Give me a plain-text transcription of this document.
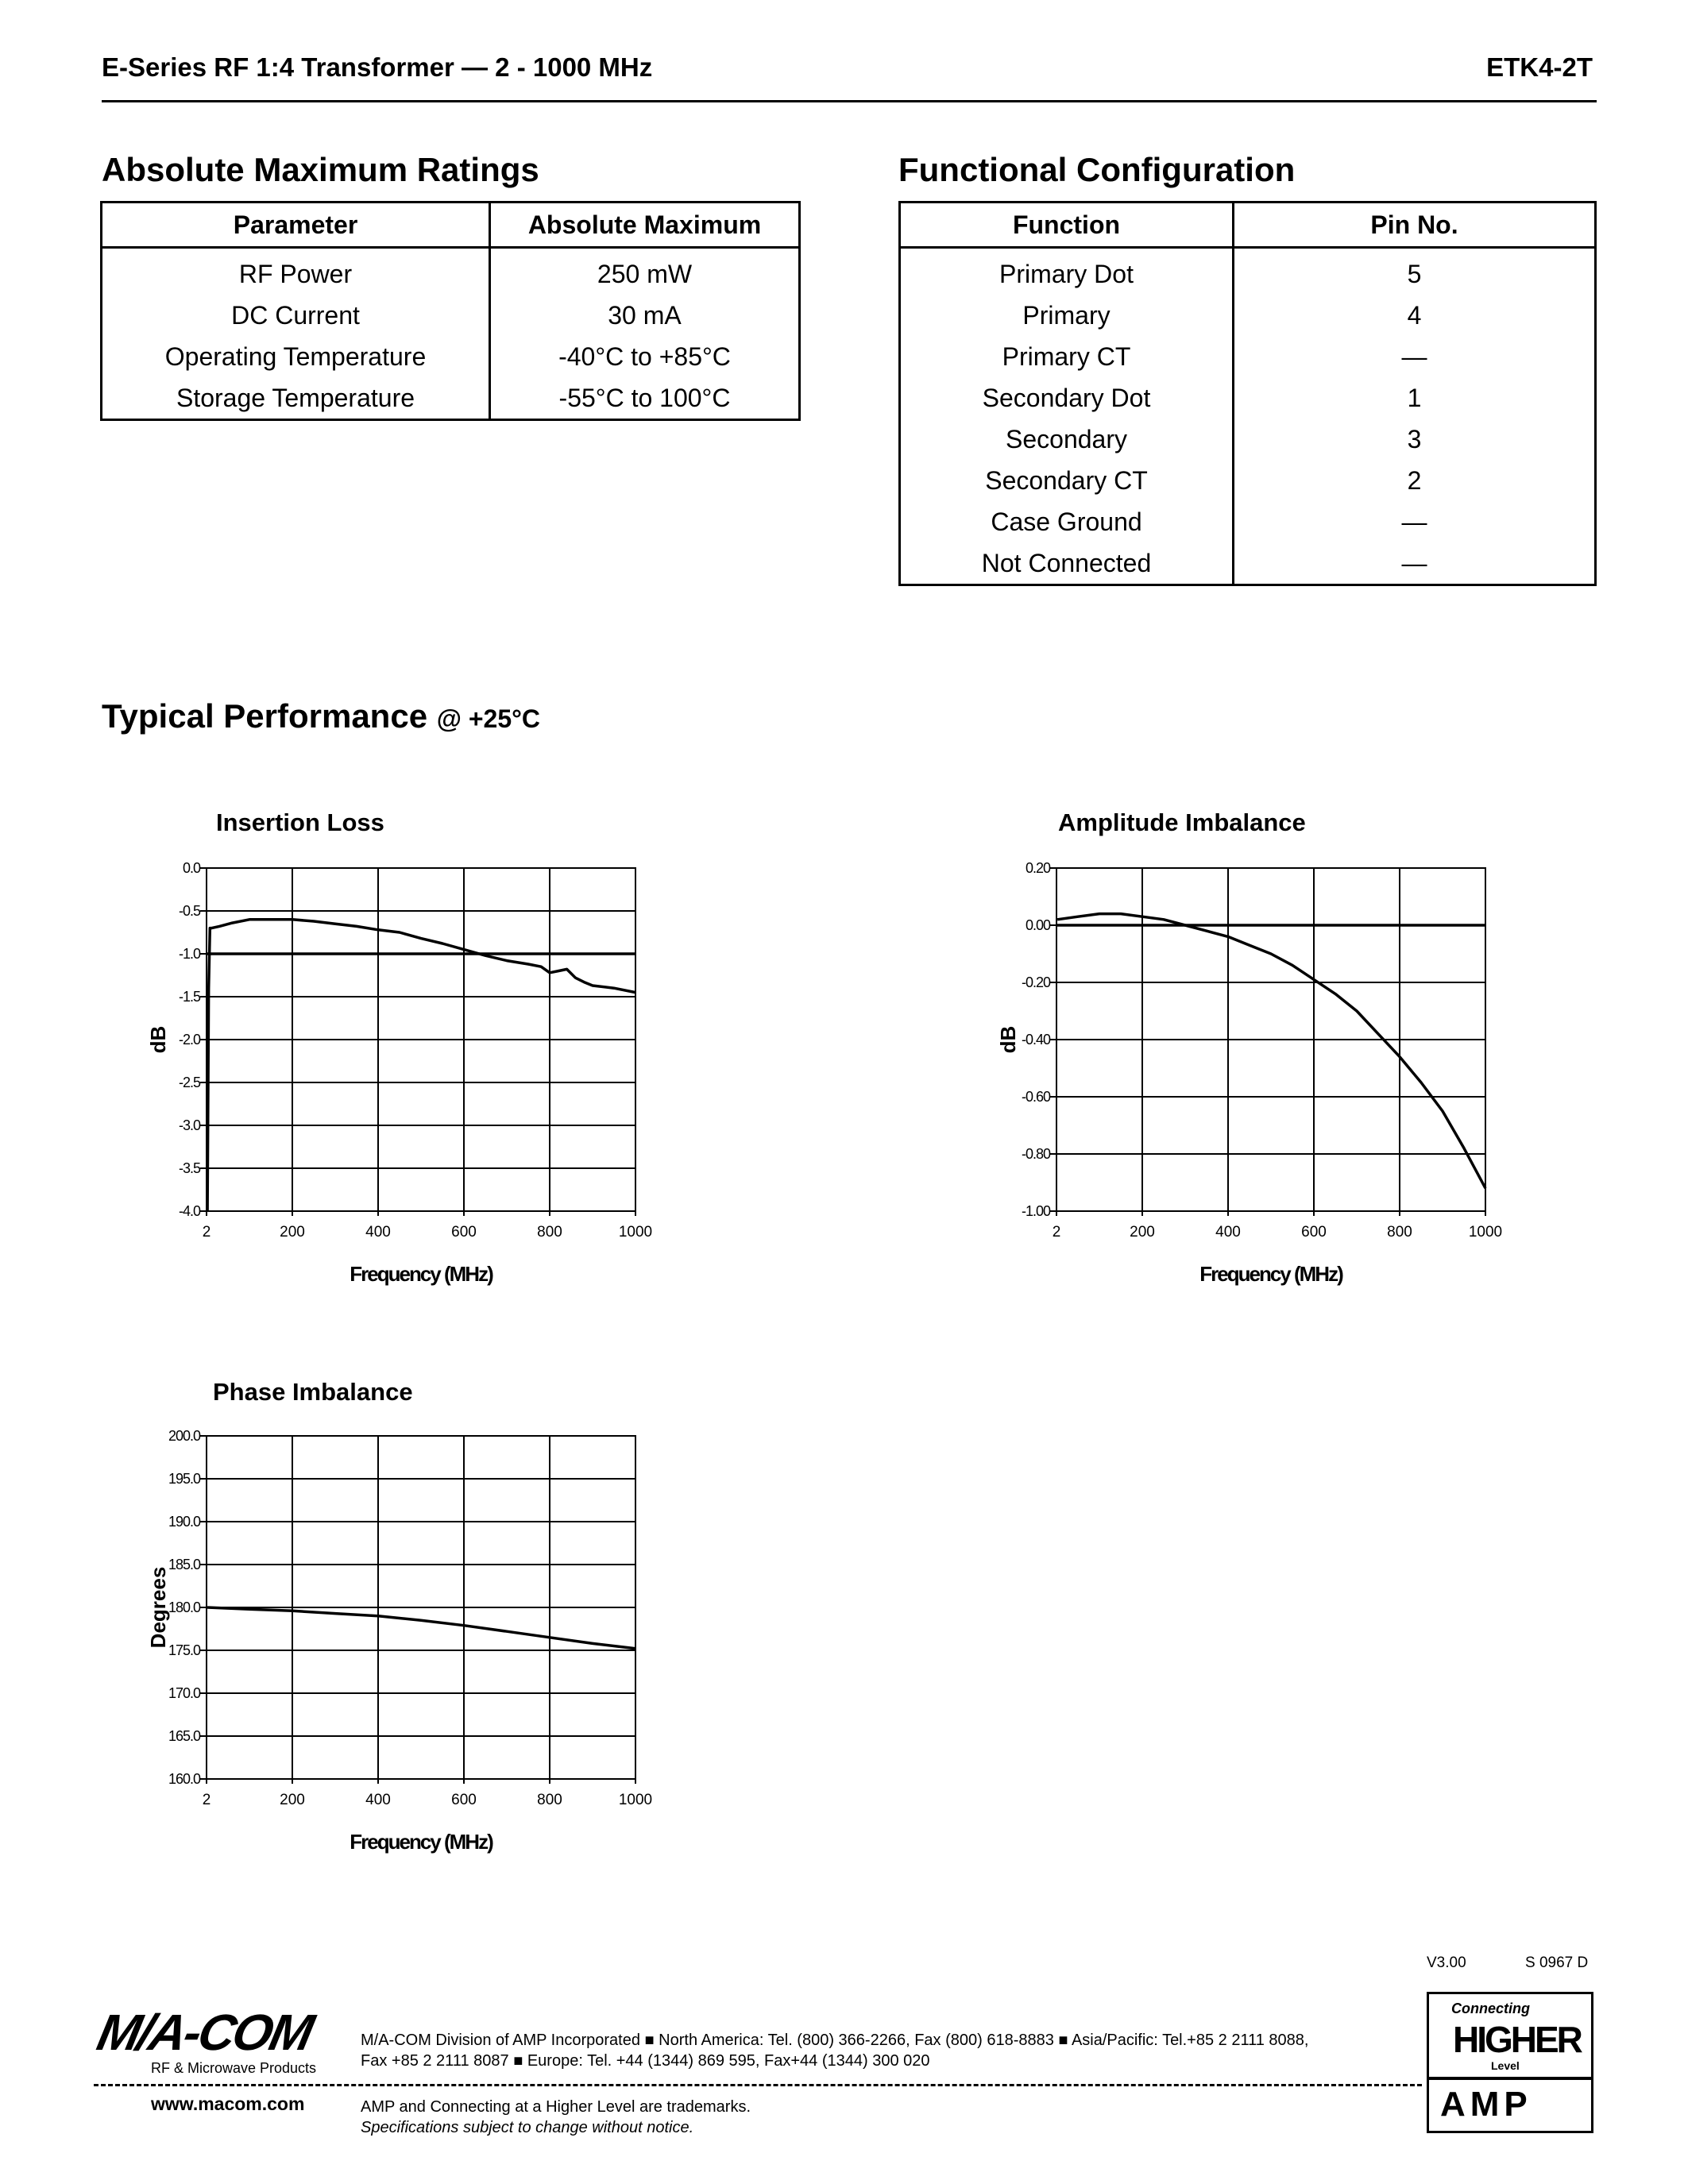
E-Series RF 1:4 Transformer — 2 - 1000 MHz	ETK4-2T
Absolute Maximum Ratings
Parameter	Absolute Maximum
RF Power	250 mW
DC Current	30 mA
Operating Temperature	-40°C to +85°C
Storage Temperature	-55°C to 100°C
Functional Configuration
Function	Pin No.
Primary Dot	5
Primary	4
Primary CT	—
Secondary Dot	1
Secondary	3
Secondary CT	2
Case Ground	—
Not Connected	—
Typical Performance @ +25°C
Insertion Loss	Amplitude Imbalance
Phase Imbalance
2	200	400	600	800	1000
0.0
-0.5
-1.0
-1.5
-2.0
-2.5
-3.0
-3.5
-4.0
dB
Frequency (MHz)
2	200	400	600	800	1000
0.20
0.00
-0.20
-0.40
-0.60
-0.80
-1.00
dB
Frequency (MHz)
2	200	400	600	800	1000
200.0
195.0
190.0
185.0
180.0
175.0
170.0
165.0
160.0
Degrees
Frequency (MHz)
V3.00	S 0967 D
M/A-COM
RF & Microwave Products
M/A-COM Division of AMP Incorporated ■ North America: Tel. (800) 366-2266, Fax (800) 618-8883 ■ Asia/Pacific: Tel.+85 2 2111 8088,
Fax +85 2 2111 8087 ■ Europe: Tel. +44 (1344) 869 595, Fax+44 (1344) 300 020
www.macom.com	AMP and Connecting at a Higher Level are trademarks.
Specifications subject to change without notice.
Connecting
HIGHER
Level
AMP
